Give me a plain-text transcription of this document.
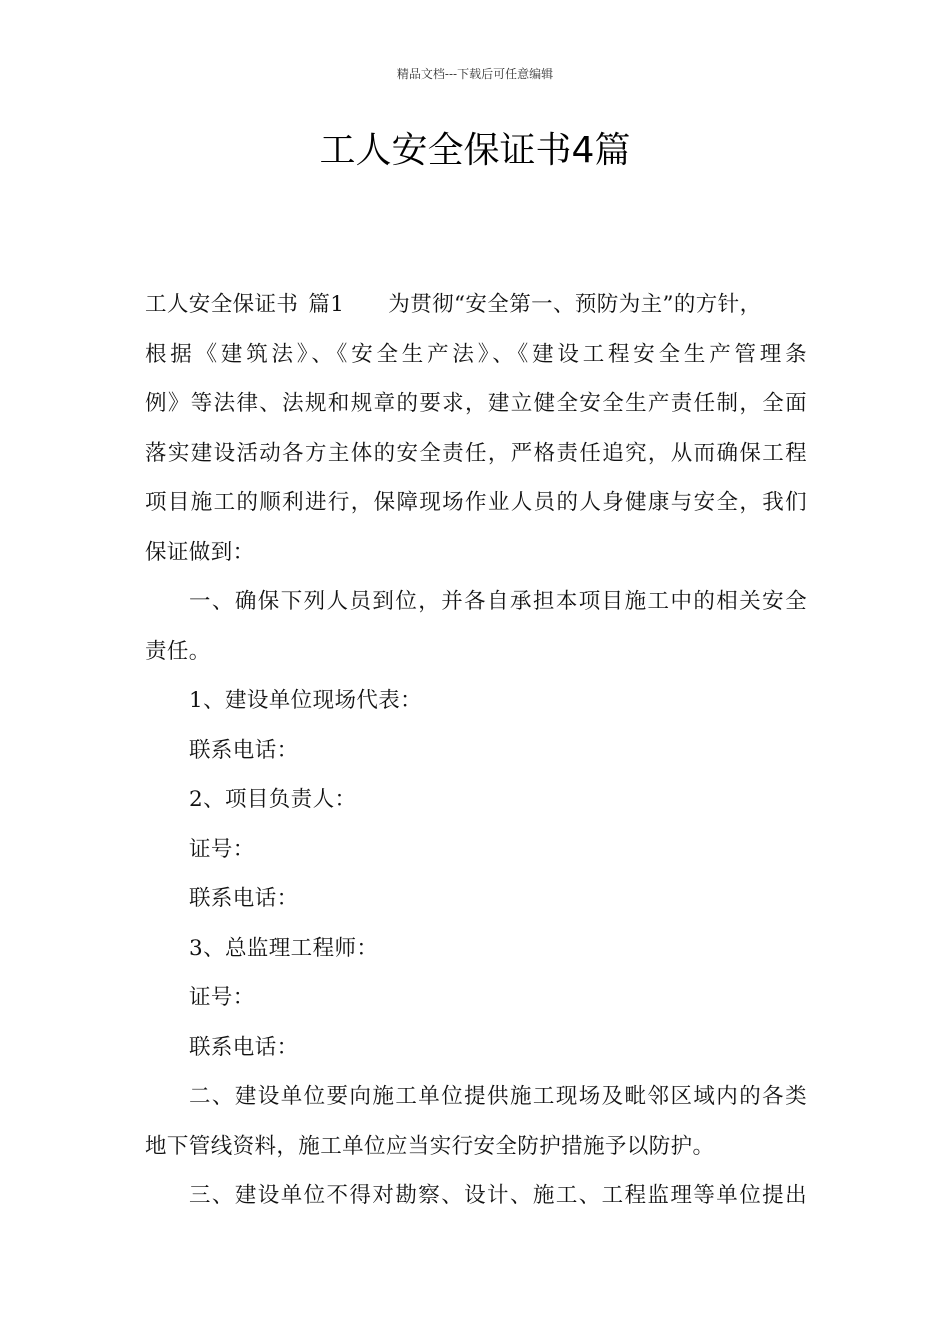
精品文档---下载后可任意编辑
工人安全保证书4篇
工人安全保证书 篇1 为贯彻“安全第一、预防为主”的方针，
根据《建筑法》、《安全生产法》、《建设工程安全生产管理条
例》等法律、法规和规章的要求，建立健全安全生产责任制，全面
落实建设活动各方主体的安全责任，严格责任追究，从而确保工程
项目施工的顺利进行，保障现场作业人员的人身健康与安全，我们
保证做到：
一、确保下列人员到位，并各自承担本项目施工中的相关安全
责任。
1、建设单位现场代表：
联系电话：
2、项目负责人：
证号：
联系电话：
3、总监理工程师：
证号：
联系电话：
二、建设单位要向施工单位提供施工现场及毗邻区域内的各类
地下管线资料，施工单位应当实行安全防护措施予以防护。
三、建设单位不得对勘察、设计、施工、工程监理等单位提出
